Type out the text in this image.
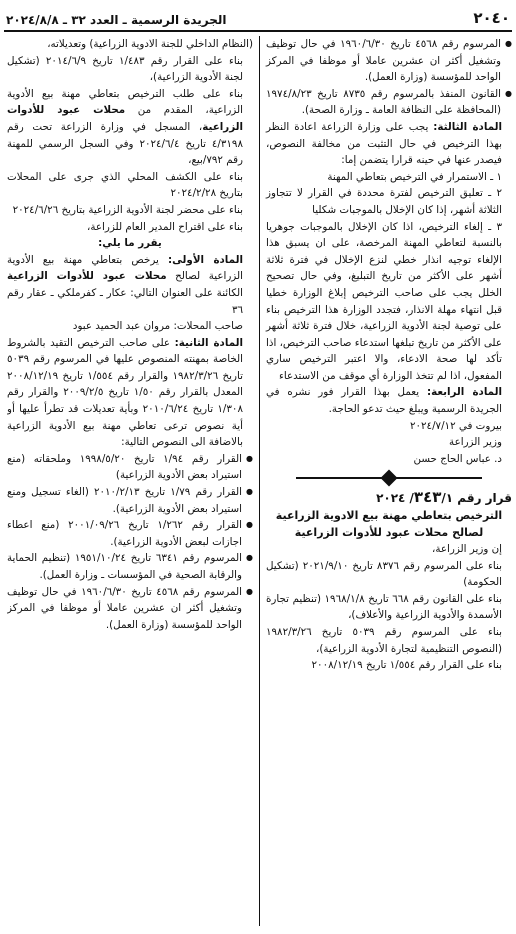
٢٠٤٠
الجريدة الرسمية ـ العدد ٣٢ ـ ٢٠٢٤/٨/٨

● المرسوم رقم ٤٥٦٨ تاريخ ١٩٦٠/٦/٣٠ في حال توظيف وتشغيل أكثر ان عشرين عاملا أو موظفا في المركز الواحد للمؤسسة (وزارة العمل).

● القانون المنفذ بالمرسوم رقم ٨٧٣٥ تاريخ ١٩٧٤/٨/٢٣ (المحافظة على النظافة العامة ـ وزارة الصحة).

المادة الثالثة: يجب على وزارة الزراعة اعادة النظر بهذا الترخيص في حال التثبت من مخالفة النصوص، فيصدر عنها في حينه قرارا يتضمن إما:

١ ـ الاستمرار في الترخيص بتعاطي المهنة

٢ ـ تعليق الترخيص لفترة محددة في القرار لا تتجاوز الثلاثة أشهر، إذا كان الإخلال بالموجبات شكليا

٣ ـ إلغاء الترخيص، اذا كان الإخلال بالموجبات جوهريا بالنسبة لتعاطي المهنة المرخصة، على ان يسبق هذا الإلغاء توجيه انذار خطي لنزع الإخلال في فترة ثلاثة أشهر على الأكثر من تاريخ التبليغ، وفي حال تصحيح الخلل يجب على صاحب الترخيص إبلاغ الوزارة خطيا قبل انتهاء مهلة الانذار، فتجدد الوزارة هذا الترخيص بناء على توصية لجنة الأدوية الزراعية، خلال فترة ثلاثة أشهر على الأكثر من تاريخ تبلغها استدعاء صاحب الترخيص، اذا تأكد لها صحة الادعاء، والا اعتبر الترخيص ساري المفعول، اذا لم تتخذ الوزارة أي موقف من الاستدعاء

المادة الرابعة: يعمل بهذا القرار فور نشره في الجريدة الرسمية ويبلغ حيث تدعو الحاجة.

بيروت في ٢٠٢٤/٧/١٢

وزير الزراعة

د. عباس الحاج حسن

قرار رقم ٣٤٣/١/ ٢٠٢٤

الترخيص بتعاطي مهنة بيع الادوية الزراعية لصالح محلات عبود للأدوات الزراعية

إن وزير الزراعة،

بناء على المرسوم رقم ٨٣٧٦ تاريخ ٢٠٢١/٩/١٠ (تشكيل الحكومة)

بناء على القانون رقم ٦٦٨ تاريخ ١٩٦٨/١/٨ (تنظيم تجارة الأسمدة والأدوية الزراعية والأعلاف)،

بناء على المرسوم رقم ٥٠٣٩ تاريخ ١٩٨٢/٣/٢٦ (النصوص التنظيمية لتجارة الأدوية الزراعية)،

بناء على القرار رقم ١/٥٥٤ تاريخ ٢٠٠٨/١٢/١٩

(النظام الداخلي للجنة الادوية الزراعية) وتعديلاته،

بناء على القرار رقم ١/٤٨٣ تاريخ ٢٠١٤/٦/٩ (تشكيل لجنة الأدوية الزراعية)،

بناء على طلب الترخيص بتعاطي مهنة بيع الأدوية الزراعية، المقدم من محلات عبود للأدوات الزراعية، المسجل في وزارة الزراعة تحت رقم ٤/٣١٩٨ تاريخ ٢٠٢٤/٦/٤ وفي السجل الرسمي للمهنة رقم ٧٩٢/بيع،

بناء على الكشف المحلي الذي جرى على المحلات بتاريخ ٢٠٢٤/٢/٢٨

بناء على محضر لجنة الأدوية الزراعية بتاريخ ٢٠٢٤/٦/٢٦

بناء على اقتراح المدير العام للزراعة،

يقرر ما يلي:

المادة الأولى: يرخص بتعاطي مهنة بيع الأدوية الزراعية لصالح محلات عبود للأدوات الزراعية الكائنة على العنوان التالي: عكار ـ كفرملكي ـ عقار رقم ٣٦

صاحب المحلات: مروان عبد الحميد عبود

المادة الثانية: على صاحب الترخيص التقيد بالشروط الخاصة بمهنته المنصوص عليها في المرسوم رقم ٥٠٣٩ تاريخ ١٩٨٢/٣/٢٦ والقرار رقم ١/٥٥٤ تاريخ ٢٠٠٨/١٢/١٩ المعدل بالقرار رقم ١/٥٠ تاريخ ٢٠٠٩/٢/٥ والقرار رقم ١/٣٠٨ تاريخ ٢٠١٠/٦/٢٤ وبأية تعديلات قد تطرأ عليها أو أية نصوص ترعى تعاطي مهنة بيع الأدوية الزراعية بالاضافة الى النصوص التالية:

● القرار رقم ١/٩٤ تاريخ ١٩٩٨/٥/٢٠ وملحقاته (منع استيراد بعض الأدوية الزراعية)

● القرار رقم ١/٧٩ تاريخ ٢٠١٠/٢/١٣ (الغاء تسجيل ومنع استيراد بعض الأدوية الزراعية).

● القرار رقم ١/٢٦٢ تاريخ ٢٠٠١/٠٩/٢٦ (منع اعطاء اجازات لبعض الأدوية الزراعية).

● المرسوم رقم ٦٣٤١ تاريخ ١٩٥١/١٠/٢٤ (تنظيم الحماية والرقابة الصحية في المؤسسات ـ وزارة العمل).

● المرسوم رقم ٤٥٦٨ تاريخ ١٩٦٠/٦/٣٠ في حال توظيف وتشغيل أكثر ان عشرين عاملا أو موظفا في المركز الواحد للمؤسسة (وزارة العمل).
